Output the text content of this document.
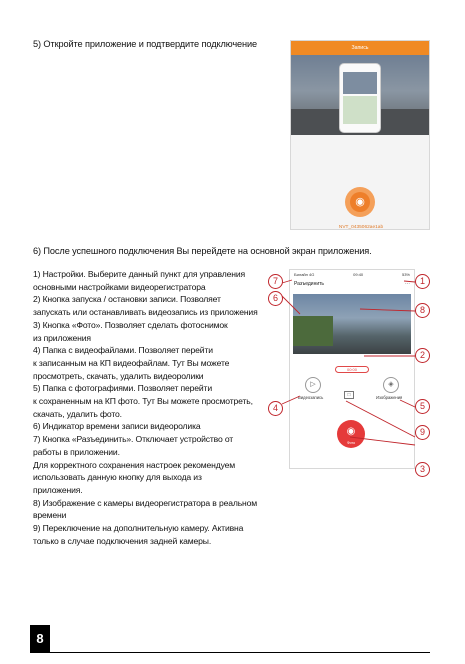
5) Откройте приложение и подтвердите подключение	Запись
◉
NVT_0435062ae1ab
6) После успешного подключения Вы перейдете на основной экран приложения.
1) Настройки. Выберите данный пункт для управления
основными настройками видеорегистратора
2) Кнопка запуска / остановки записи. Позволяет
запускать или останавливать видеозапись из приложения
3) Кнопка «Фото». Позволяет сделать фотоснимок
из приложения
4) Папка с видеофайлами. Позволяет перейти
к записанным на КП видеофайлам. Тут Вы можете
просмотреть, скачать, удалить видеоролики
5) Папка с фотографиями. Позволяет перейти
к сохраненным на КП фото. Тут Вы можете просмотреть,
скачать, удалить фото.
6) Индикатор времени записи видеоролика
7) Кнопка «Разъединить». Отключает устройство от
работы в приложении.
Для корректного сохранения настроек рекомендуем
использовать данную кнопку для выхода из
приложения.
8) Изображение с камеры видеорегистратора в реальном
времени
9) Переключение на дополнительную камеру. Активна
только в случае подключения задней камеры.
Билайн 4G	09:40	53%
Разъединить	⋯
00:00
▷
Видеозапись	□
◈
Изображения
◉
Фото
1
8
2
5
9
3
7
6
4
8
